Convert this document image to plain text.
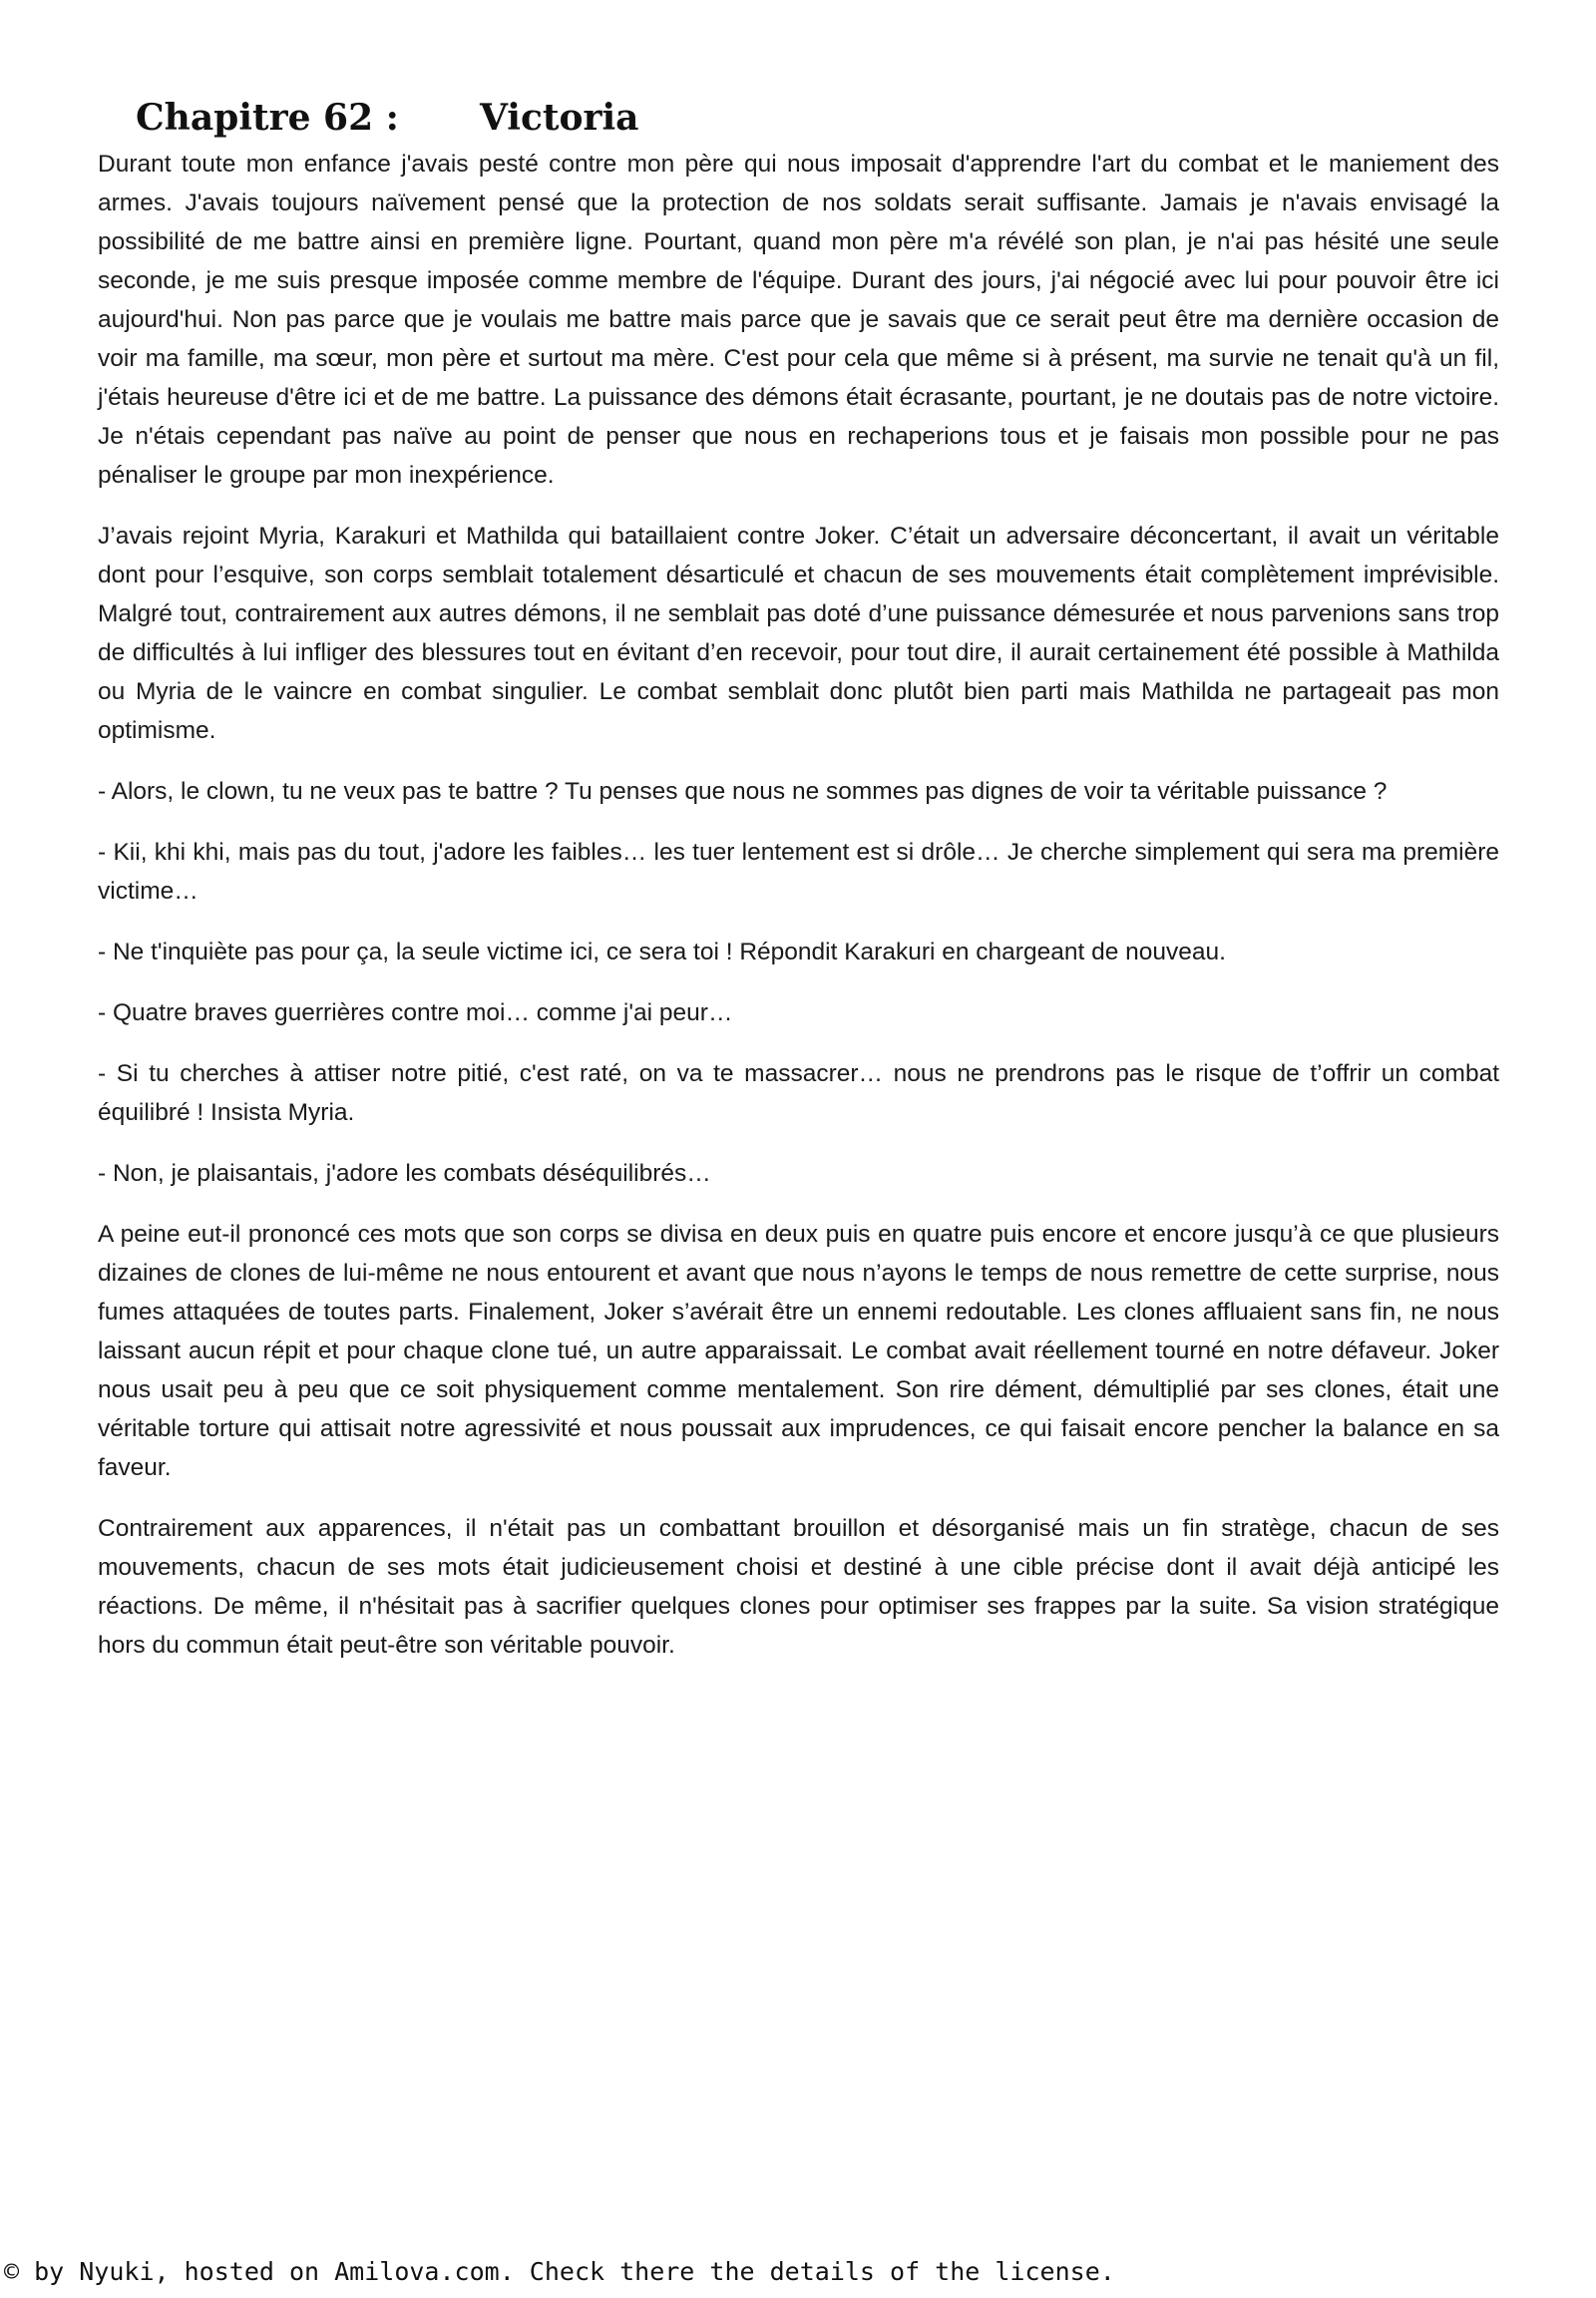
Chapitre 62 : Victoria

Durant toute mon enfance j'avais pesté contre mon père qui nous imposait d'apprendre l'art du combat et le maniement des armes. J'avais toujours naïvement pensé que la protection de nos soldats serait suffisante. Jamais je n'avais envisagé la possibilité de me battre ainsi en première ligne. Pourtant, quand mon père m'a révélé son plan, je n'ai pas hésité une seule seconde, je me suis presque imposée comme membre de l'équipe. Durant des jours, j'ai négocié avec lui pour pouvoir être ici aujourd'hui. Non pas parce que je voulais me battre mais parce que je savais que ce serait peut être ma dernière occasion de voir ma famille, ma sœur, mon père et surtout ma mère. C'est pour cela que même si à présent, ma survie ne tenait qu'à un fil, j'étais heureuse d'être ici et de me battre. La puissance des démons était écrasante, pourtant, je ne doutais pas de notre victoire. Je n'étais cependant pas naïve au point de penser que nous en rechaperions tous et je faisais mon possible pour ne pas pénaliser le groupe par mon inexpérience.

J’avais rejoint Myria, Karakuri et Mathilda qui bataillaient contre Joker. C’était un adversaire déconcertant, il avait un véritable dont pour l’esquive, son corps semblait totalement désarticulé et chacun de ses mouvements était complètement imprévisible. Malgré tout, contrairement aux autres démons, il ne semblait pas doté d’une puissance démesurée et nous parvenions sans trop de difficultés à lui infliger des blessures tout en évitant d’en recevoir, pour tout dire, il aurait certainement été possible à Mathilda ou Myria de le vaincre en combat singulier. Le combat semblait donc plutôt bien parti mais Mathilda ne partageait pas mon optimisme.

- Alors, le clown, tu ne veux pas te battre ? Tu penses que nous ne sommes pas dignes de voir ta véritable puissance ?

- Kii, khi khi, mais pas du tout, j'adore les faibles… les tuer lentement est si drôle… Je cherche simplement qui sera ma première victime…

- Ne t'inquiète pas pour ça, la seule victime ici, ce sera toi ! Répondit Karakuri en chargeant de nouveau.

- Quatre braves guerrières contre moi… comme j'ai peur…

- Si tu cherches à attiser notre pitié, c'est raté, on va te massacrer… nous ne prendrons pas le risque de t’offrir un combat équilibré ! Insista Myria.

- Non, je plaisantais, j'adore les combats déséquilibrés…

A peine eut-il prononcé ces mots que son corps se divisa en deux puis en quatre puis encore et encore jusqu’à ce que plusieurs dizaines de clones de lui-même ne nous entourent et avant que nous n’ayons le temps de nous remettre de cette surprise, nous fumes attaquées de toutes parts. Finalement, Joker s’avérait être un ennemi redoutable. Les clones affluaient sans fin, ne nous laissant aucun répit et pour chaque clone tué, un autre apparaissait. Le combat avait réellement tourné en notre défaveur. Joker nous usait peu à peu que ce soit physiquement comme mentalement. Son rire dément, démultiplié par ses clones, était une véritable torture qui attisait notre agressivité et nous poussait aux imprudences, ce qui faisait encore pencher la balance en sa faveur.

Contrairement aux apparences, il n'était pas un combattant brouillon et désorganisé mais un fin stratège, chacun de ses mouvements, chacun de ses mots était judicieusement choisi et destiné à une cible précise dont il avait déjà anticipé les réactions. De même, il n'hésitait pas à sacrifier quelques clones pour optimiser ses frappes par la suite. Sa vision stratégique hors du commun était peut-être son véritable pouvoir.

© by Nyuki, hosted on Amilova.com. Check there the details of the license.
